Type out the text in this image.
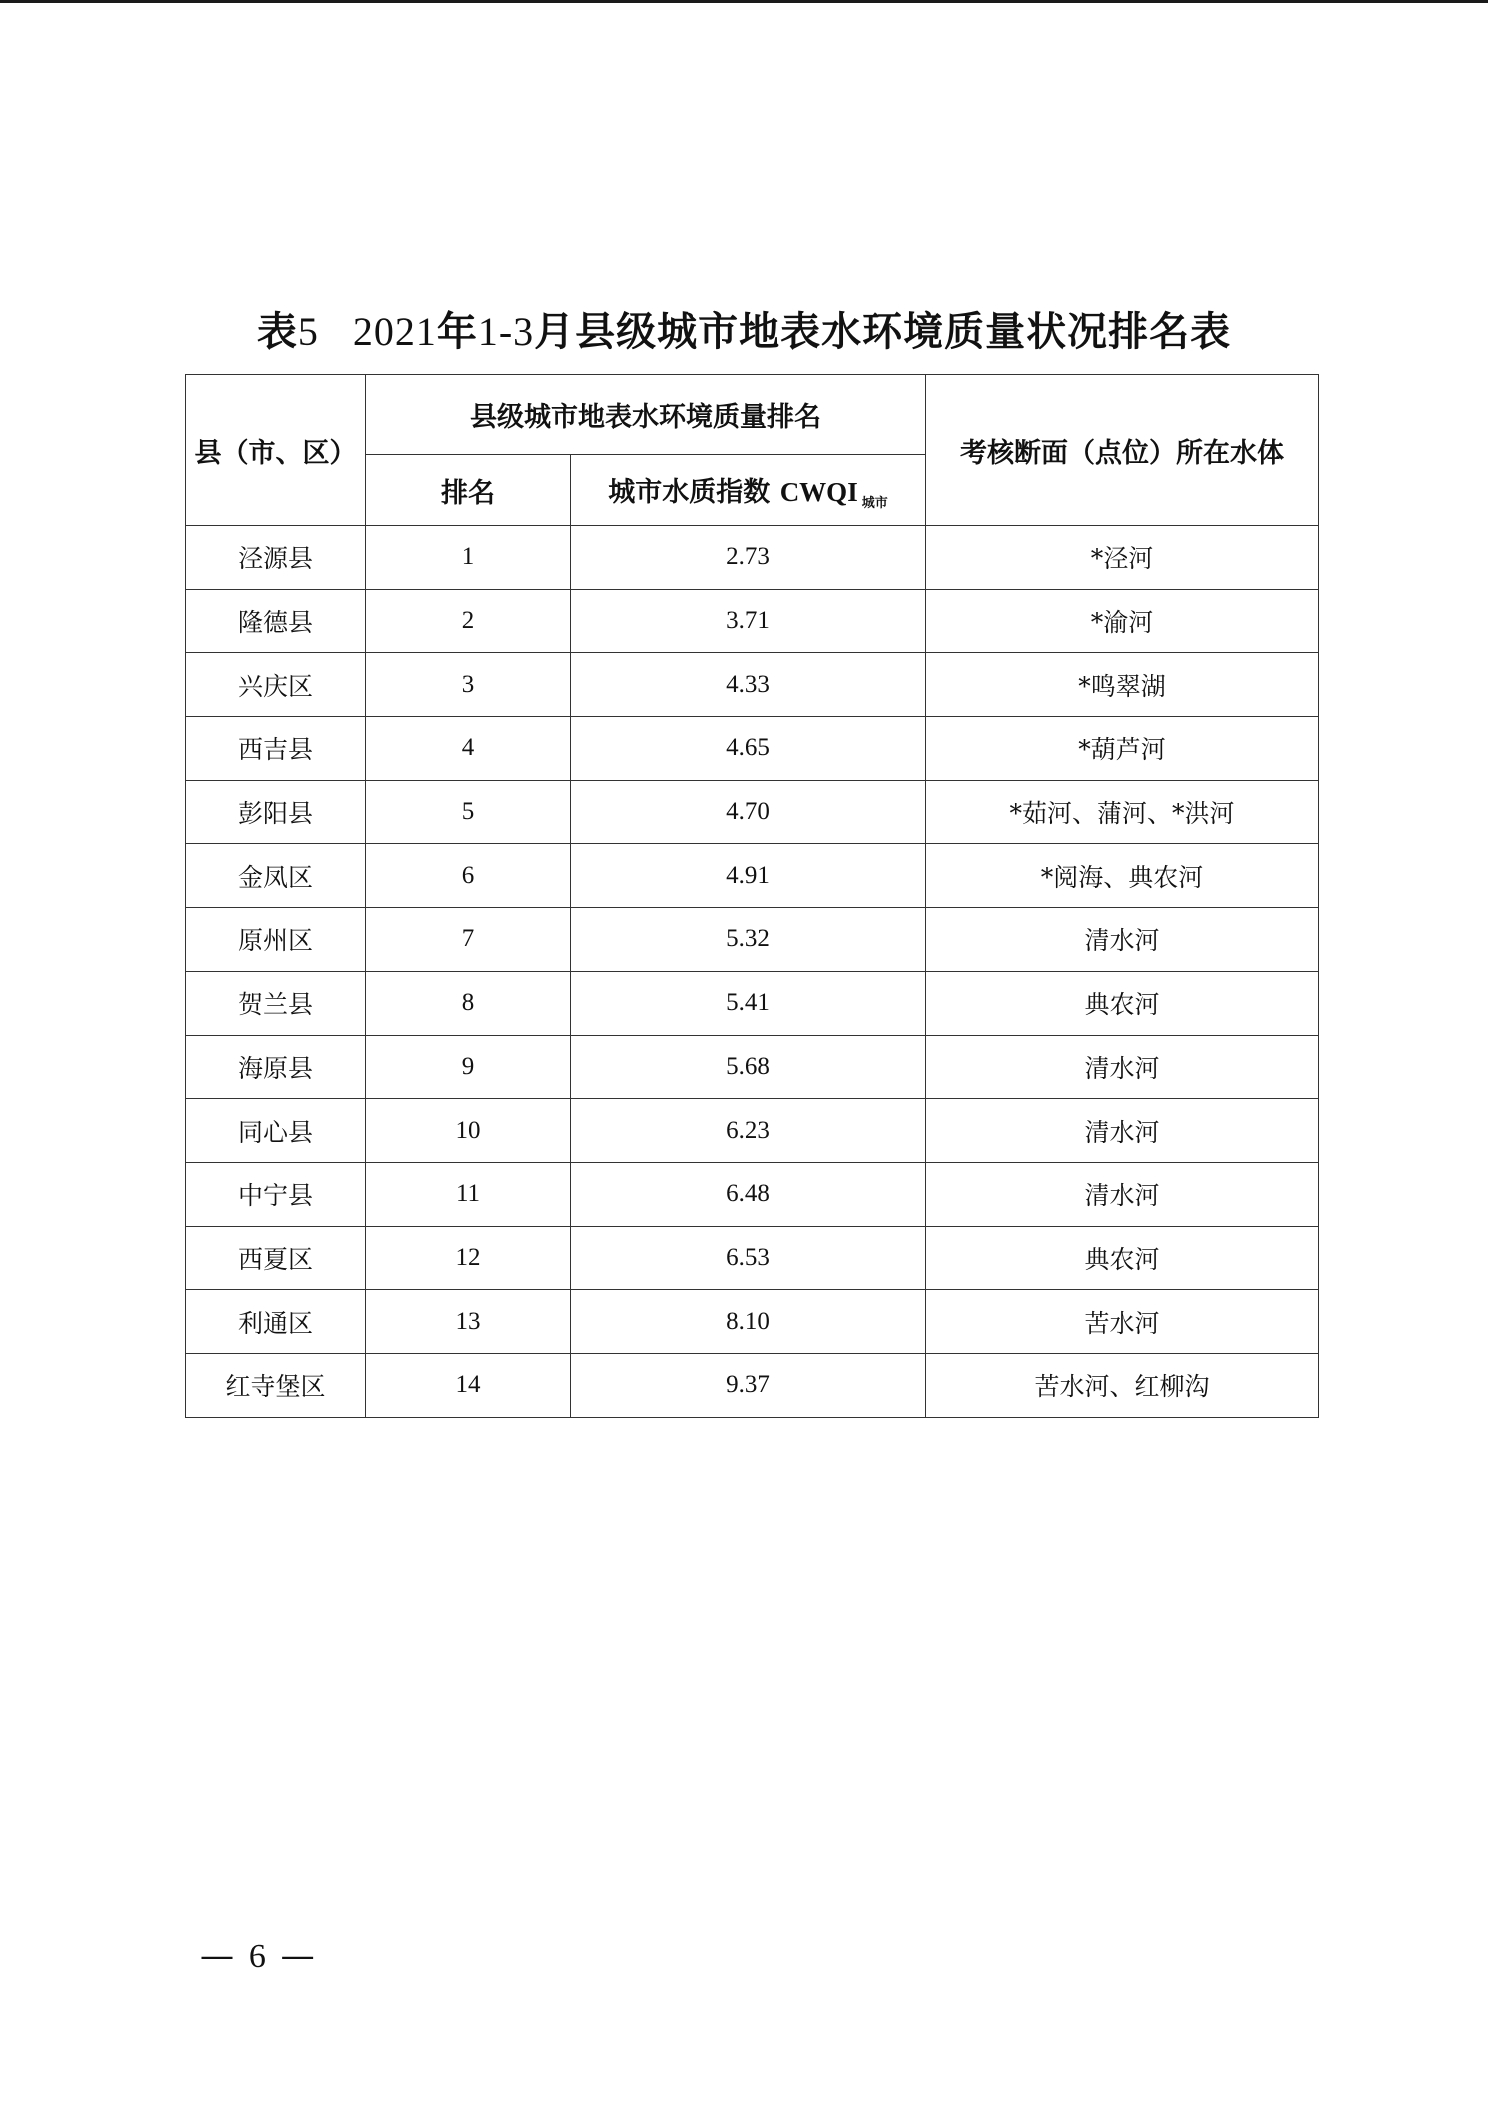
表5 2021年1-3月县级城市地表水环境质量状况排名表
县（市、区）	县级城市地表水环境质量排名		考核断面（点位）所在水体
	排名	城市水质指数 CWQI $_{城市}$
泾源县	1	2.73	*泾河
隆德县	2	3.71	*渝河
兴庆区	3	4.33	*鸣翠湖
西吉县	4	4.65	*葫芦河
彭阳县	5	4.70	*茹河、蒲河、*洪河
金凤区	6	4.91	*阅海、典农河
原州区	7	5.32	清水河
贺兰县	8	5.41	典农河
海原县	9	5.68	清水河
同心县	10	6.23	清水河
中宁县	11	6.48	清水河
西夏区	12	6.53	典农河
利通区	13	8.10	苦水河
红寺堡区	14	9.37	苦水河、红柳沟
— 6 —
